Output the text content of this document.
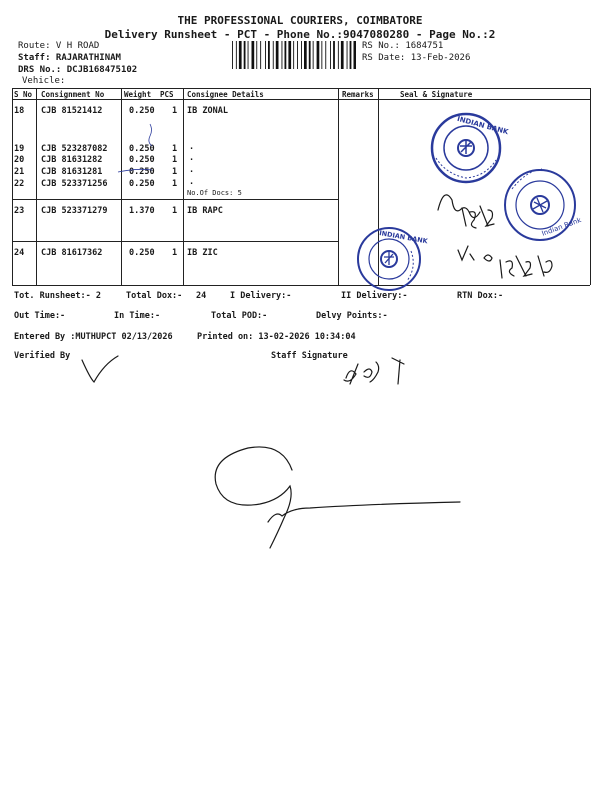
THE PROFESSIONAL COURIERS, COIMBATORE
Delivery Runsheet - PCT - Phone No.:9047080280 - Page No.:2
Route: V H ROAD
Staff: RAJARATHINAM
DRS No.: DCJB168475102
Vehicle:
RS No.: 1684751
RS Date: 13-Feb-2026
S No Consignment No	Weight PCS Consignee Details	Remarks	Seal & Signature
18 CJB 81521412	0.250 1 IB ZONAL
19 CJB 523287082	0.250 1 .
20 CJB 81631282	0.250 1 .
21 CJB 81631281	0.250 1 .
22 CJB 523371256	0.250 1 .
No.Of Docs: 5
23 CJB 523371279	1.370 1 IB RAPC
24 CJB 81617362	0.250 1 IB ZIC
Tot. Runsheet:- 2	Total Dox:- 24	I Delivery:-	II Delivery:-	RTN Dox:-
Out Time:-	In Time:-	Total POD:-	Delvy Points:-
Entered By :MUTHUPCT 02/13/2026	Printed on: 13-02-2026 10:34:04
Verified By	Staff Signature
INDIAN BANK
Indian Bank
INDIAN BANK
